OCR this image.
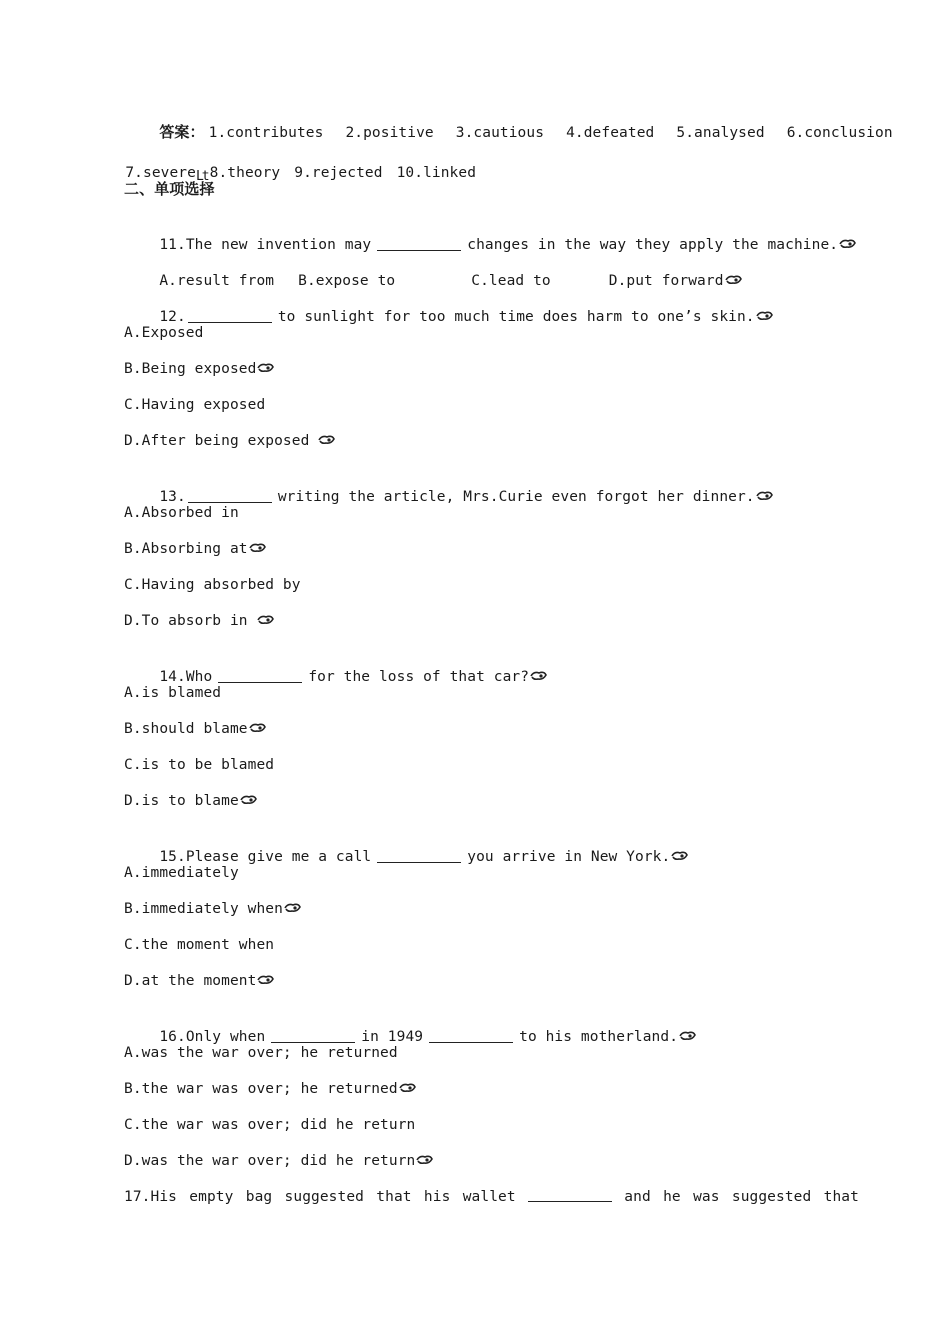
答案： 1.contributes 2.positive 3.cautious 4.defeated 5.analysed 6.conclusion

7.severeLt 8.theory 9.rejected 10.linked

二、单项选择

11.The new invention may	changes in the way they apply the machine.

A.result from B.expose to	C.lead to	D.put forward

12.	to sunlight for too much time does harm to one’s skin.

A.Exposed
B.Being exposed
C.Having exposed
D.After being exposed

13.	writing the article, Mrs.Curie even forgot her dinner.

A.Absorbed in
B.Absorbing at
C.Having absorbed by
D.To absorb in

14.Who	for the loss of that car?

A.is blamed
B.should blame
C.is to be blamed
D.is to blame

15.Please give me a call	you arrive in New York.

A.immediately
B.immediately when
C.the moment when
D.at the moment

16.Only when	in 1949	to his motherland.

A.was the war over; he returned
B.the war was over; he returned
C.the war was over; did he return
D.was the war over; did he return
17.His empty bag suggested that his wallet	and he was suggested that
